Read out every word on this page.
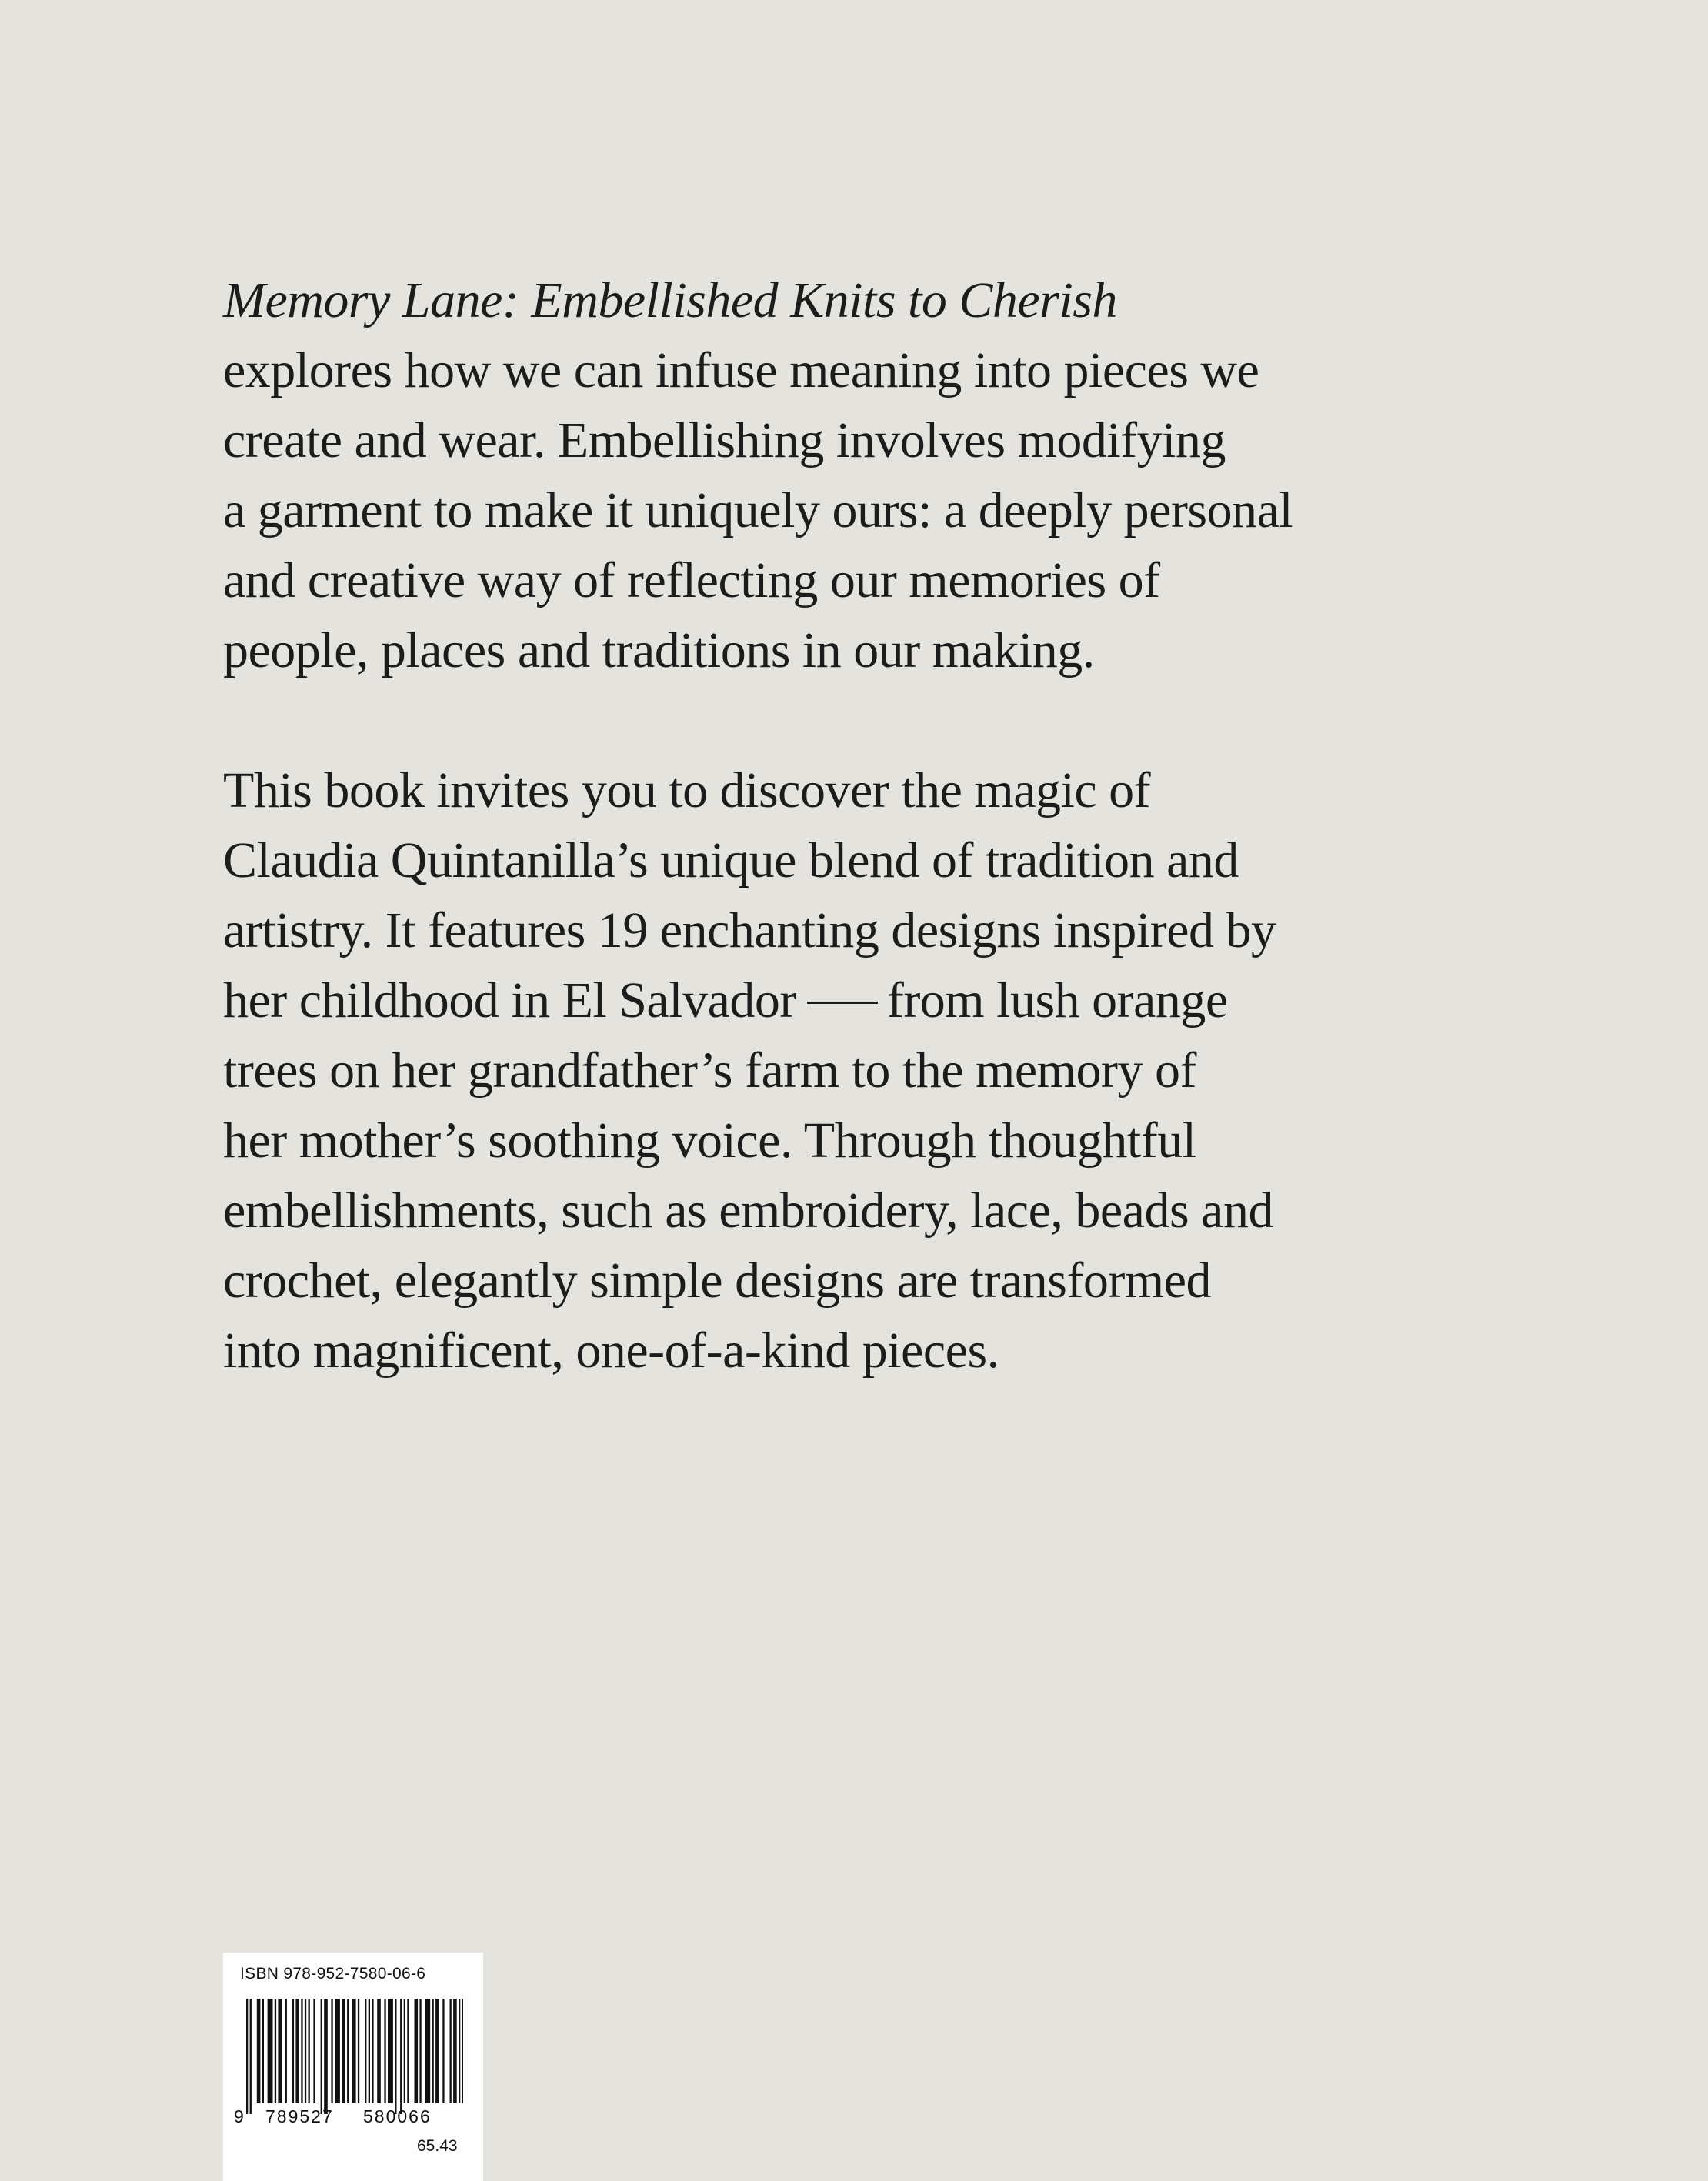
Memory Lane: Embellished Knits to Cherish
explores how we can infuse meaning into pieces we
create and wear. Embellishing involves modifying
a garment to make it uniquely ours: a deeply personal
and creative way of reflecting our memories of
people, places and traditions in our making.
This book invites you to discover the magic of
Claudia Quintanilla’s unique blend of tradition and
artistry. It features 19 enchanting designs inspired by
her childhood in El Salvador from lush orange
trees on her grandfather’s farm to the memory of
her mother’s soothing voice. Through thoughtful
embellishments, such as embroidery, lace, beads and
crochet, elegantly simple designs are transformed
into magnificent, one-of-a-kind pieces.
ISBN 978-952-7580-06-6
9 789527 580066
65.43
